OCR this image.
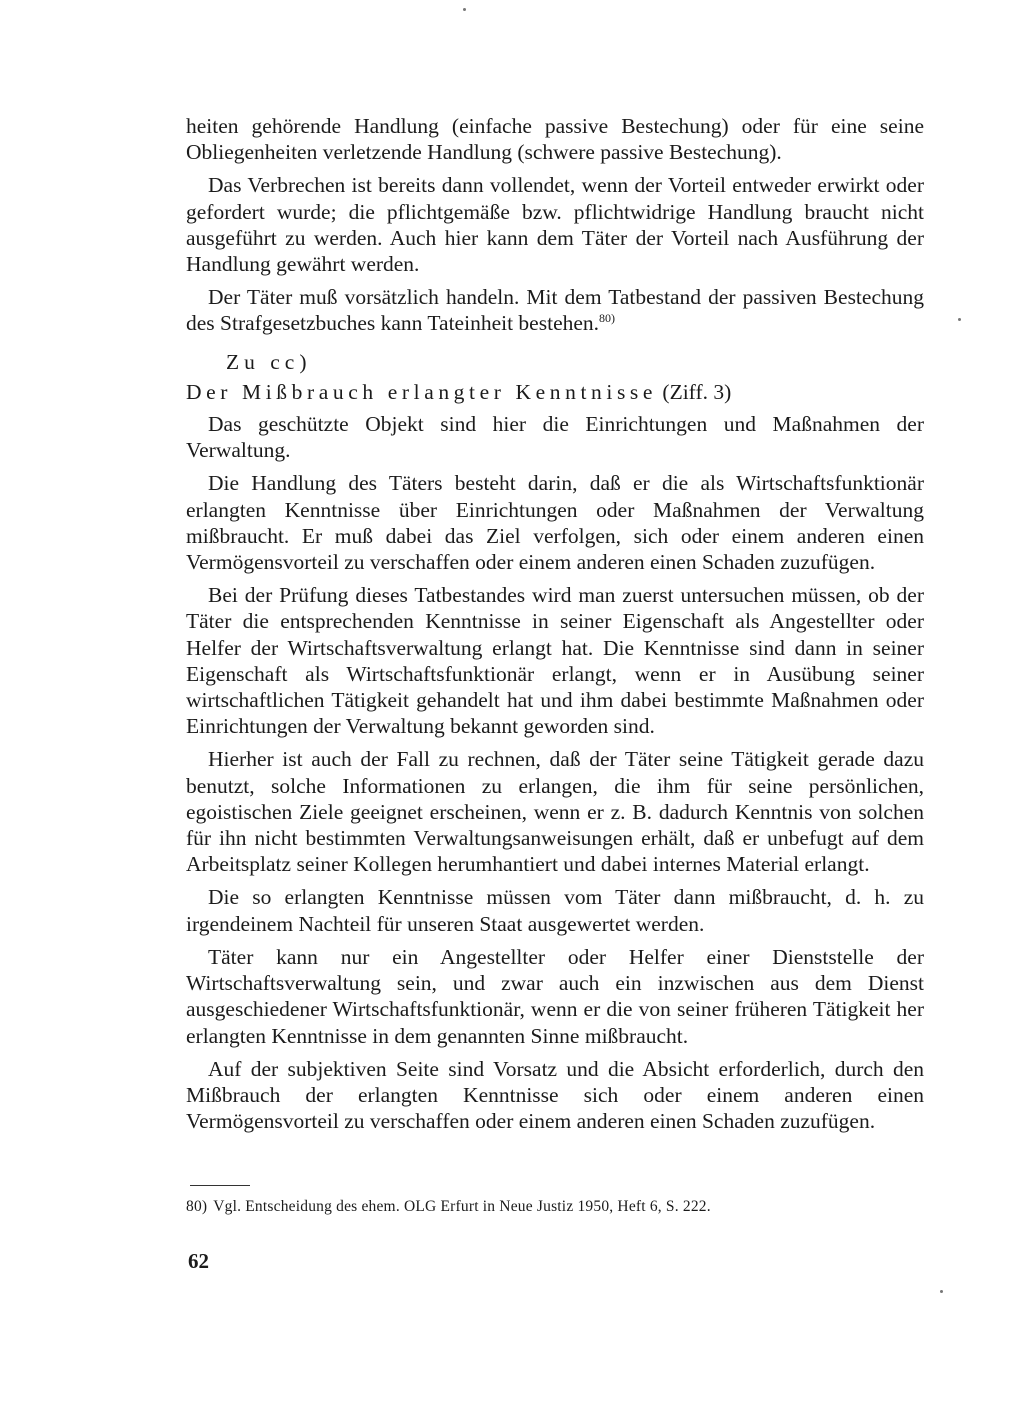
heiten gehörende Handlung (einfache passive Bestechung) oder für eine seine Obliegenheiten verletzende Handlung (schwere passive Bestechung).

Das Verbrechen ist bereits dann vollendet, wenn der Vorteil entweder erwirkt oder gefordert wurde; die pflichtgemäße bzw. pflichtwidrige Handlung braucht nicht ausgeführt zu werden. Auch hier kann dem Täter der Vorteil nach Ausführung der Handlung gewährt werden.

Der Täter muß vorsätzlich handeln. Mit dem Tatbestand der passiven Bestechung des Strafgesetzbuches kann Tateinheit bestehen.$^{80)}$

Zu cc)
Der Mißbrauch erlangter Kenntnisse (Ziff. 3)

Das geschützte Objekt sind hier die Einrichtungen und Maßnahmen der Verwaltung.

Die Handlung des Täters besteht darin, daß er die als Wirtschaftsfunktionär erlangten Kenntnisse über Einrichtungen oder Maßnahmen der Verwaltung mißbraucht. Er muß dabei das Ziel verfolgen, sich oder einem anderen einen Vermögensvorteil zu verschaffen oder einem anderen einen Schaden zuzufügen.

Bei der Prüfung dieses Tatbestandes wird man zuerst untersuchen müssen, ob der Täter die entsprechenden Kenntnisse in seiner Eigenschaft als Angestellter oder Helfer der Wirtschaftsverwaltung erlangt hat. Die Kenntnisse sind dann in seiner Eigenschaft als Wirtschaftsfunktionär erlangt, wenn er in Ausübung seiner wirtschaftlichen Tätigkeit gehandelt hat und ihm dabei bestimmte Maßnahmen oder Einrichtungen der Verwaltung bekannt geworden sind.

Hierher ist auch der Fall zu rechnen, daß der Täter seine Tätigkeit gerade dazu benutzt, solche Informationen zu erlangen, die ihm für seine persönlichen, egoistischen Ziele geeignet erscheinen, wenn er z. B. dadurch Kenntnis von solchen für ihn nicht bestimmten Verwaltungsanweisungen erhält, daß er unbefugt auf dem Arbeitsplatz seiner Kollegen herumhantiert und dabei internes Material erlangt.

Die so erlangten Kenntnisse müssen vom Täter dann mißbraucht, d. h. zu irgendeinem Nachteil für unseren Staat ausgewertet werden.

Täter kann nur ein Angestellter oder Helfer einer Dienststelle der Wirtschaftsverwaltung sein, und zwar auch ein inzwischen aus dem Dienst ausgeschiedener Wirtschaftsfunktionär, wenn er die von seiner früheren Tätigkeit her erlangten Kenntnisse in dem genannten Sinne mißbraucht.

Auf der subjektiven Seite sind Vorsatz und die Absicht erforderlich, durch den Mißbrauch der erlangten Kenntnisse sich oder einem anderen einen Vermögensvorteil zu verschaffen oder einem anderen einen Schaden zuzufügen.

80) Vgl. Entscheidung des ehem. OLG Erfurt in Neue Justiz 1950, Heft 6, S. 222.
62
